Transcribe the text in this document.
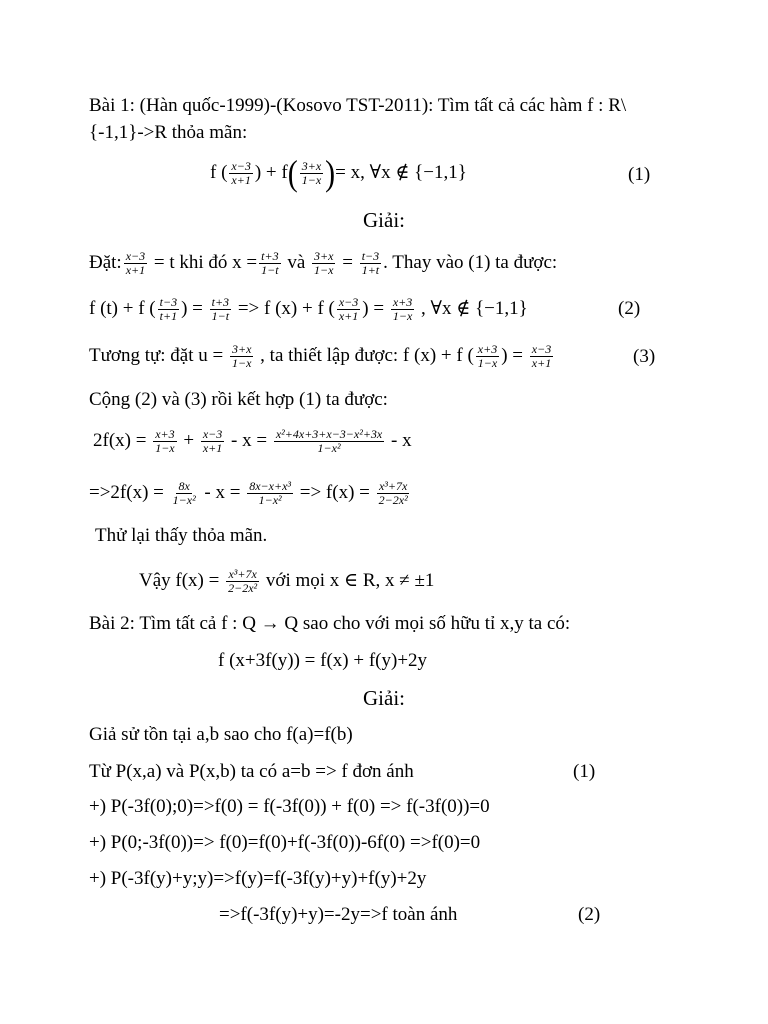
Bài 1: (Hàn quốc-1999)-(Kosovo TST-2011): Tìm tất cả các hàm f : R\
{-1,1}->R thỏa mãn:
f ( $\frac{x-3}{x+1}$ ) + $f( \frac{3+x}{1-x}$ )= x, ∀x ∉ {−1,1}	(1)
Giải:
Đặt: $\frac{x-3}{x+1} = t$ khi đó $x = \frac{t+3}{1-t}$ và $\frac{3+x}{1-x} = \frac{t-3}{1+t}$ . Thay vào (1) ta được:
f (t) + f ( $\frac{t-3}{t+1}$ ) = $\frac{t+3}{1-t} => f$ (x) + f ( $\frac{x-3}{x+1}$ ) = $\frac{x+3}{1-x}$ , ∀x ∉ {−1,1}	(2)
Tương tự: đặt $u = \frac{3+x}{1-x}$ , ta thiết lập được: f (x) + f ( $\frac{x+3}{1-x}$ ) = $\frac{x-3}{x+1}$	(3)
Cộng (2) và (3) rồi kết hợp (1) ta được:
$2f(x) = \frac{x+3}{1-x} + \frac{x-3}{x+1} - x = \frac{\text{x²+4x+3+x−3−x²+3x}}{\text{1−x²}} - x$
$=>2f(x) = \frac{8x}{\text{1−x²}} - x = \frac{\text{8x−x+x³}}{\text{1−x²}} => f(x) = \frac{\text{x³+7x}}{\text{2−2x²}}$
Thử lại thấy thỏa mãn.
Vậy $f(x) = \frac{\text{x³+7x}}{\text{2−2x²}}$ với mọi x ∈ R, x ≠ ±1
Bài 2: Tìm tất cả f : Q → Q sao cho với mọi số hữu tỉ x,y ta có:
f (x+3f(y)) = f(x) + f(y)+2y
Giải:
Giả sử tồn tại a,b sao cho f(a)=f(b)
Từ P(x,a) và P(x,b) ta có a=b => f đơn ánh	(1)
+) P(-3f(0);0)=>f(0) = f(-3f(0)) + f(0) => f(-3f(0))=0
+) P(0;-3f(0))=> f(0)=f(0)+f(-3f(0))-6f(0) =>f(0)=0
+) P(-3f(y)+y;y)=>f(y)=f(-3f(y)+y)+f(y)+2y
=>f(-3f(y)+y)=-2y=>f toàn ánh	(2)
